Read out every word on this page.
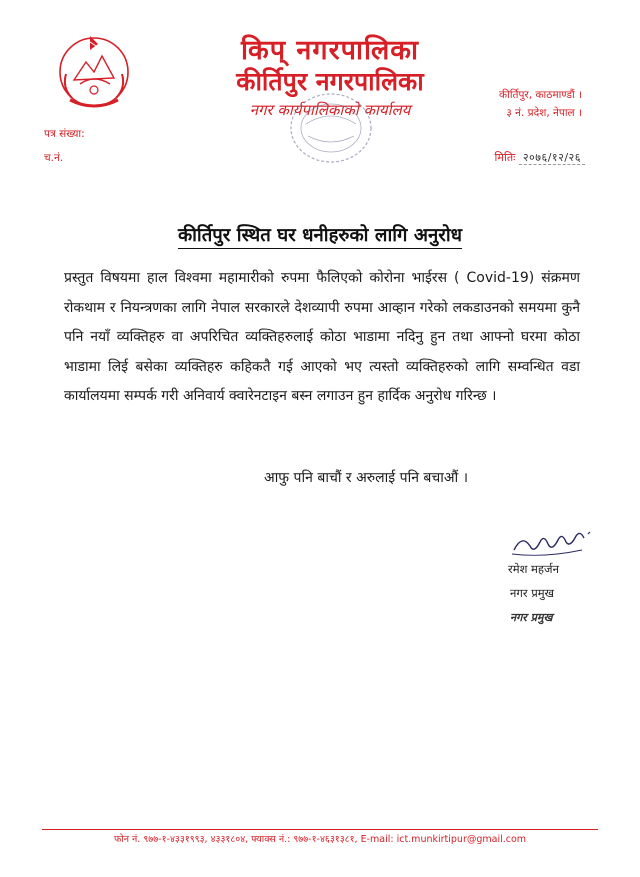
किप् नगरपालिका
कीर्तिपुर नगरपालिका
नगर कार्यपालिकाको कार्यालय
कीर्तिपुर, काठमाण्डौं ।
३ नं. प्रदेश, नेपाल ।
पत्र संख्या:
च.नं.	मितिः २०७६/१२/२६
कीर्तिपुर स्थित घर धनीहरुको लागि अनुरोध
प्रस्तुत विषयमा हाल विश्वमा महामारीको रुपमा फैलिएको कोरोना भाईरस ( Covid-19) संक्रमण रोकथाम र नियन्त्रणका लागि नेपाल सरकारले देशव्यापी रुपमा आव्हान गरेको लकडाउनको समयमा कुनै पनि नयाँ व्यक्तिहरु वा अपरिचित व्यक्तिहरुलाई कोठा भाडामा नदिनु हुन तथा आफ्नो घरमा कोठा भाडामा लिई बसेका व्यक्तिहरु कहिकतै गई आएको भए त्यस्तो व्यक्तिहरुको लागि सम्वन्धित वडा कार्यालयमा सम्पर्क गरी अनिवार्य क्वारेनटाइन बस्न लगाउन हुन हार्दिक अनुरोध गरिन्छ ।
आफु पनि बाचौं र अरुलाई पनि बचाऔं ।
रमेश महर्जन
नगर प्रमुख
नगर प्रमुख
फोन नं. ९७७-१-४३३१९९३, ४३३१८०४, फ्याक्स नं.: ९७७-१-४६३१३८१, E-mail: ict.munkirtipur@gmail.com
